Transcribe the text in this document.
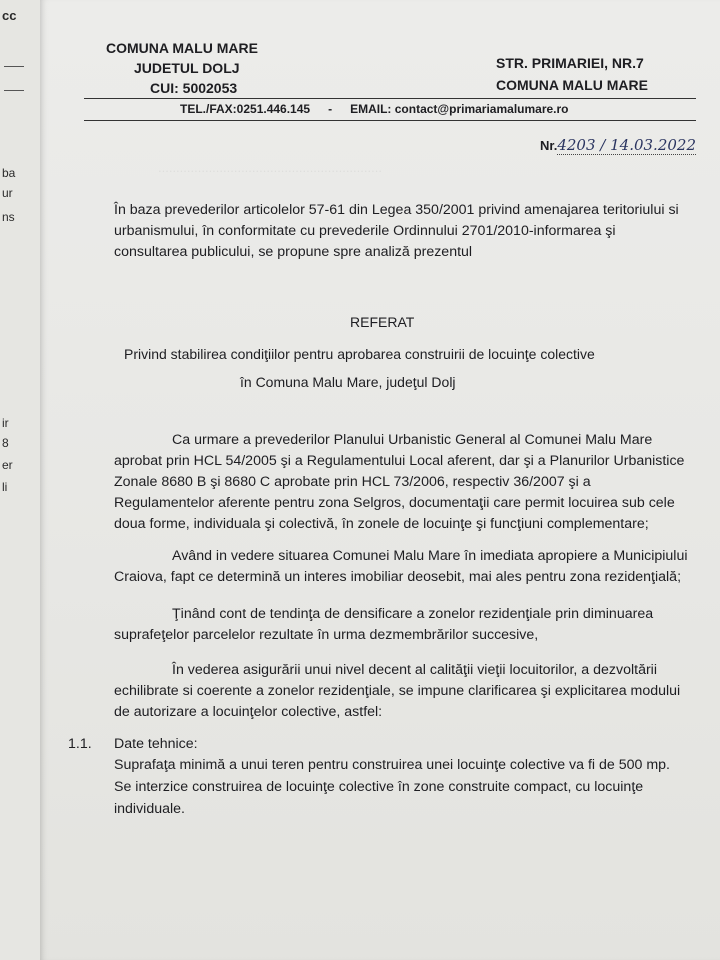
cc
ba
ur
ns
ir
8
er
li
COMUNA MALU MARE
JUDETUL DOLJ
CUI: 5002053
STR. PRIMARIEI, NR.7
COMUNA MALU MARE
TEL./FAX:0251.446.145 - EMAIL: contact@primariamalumare.ro
Nr.4203 / 14.03.2022
..............................................................
În baza prevederilor articolelor 57-61 din Legea 350/2001 privind amenajarea teritoriului si urbanismului, în conformitate cu prevederile Ordinnului 2701/2010-informarea şi consultarea publicului, se propune spre analiză prezentul
REFERAT
Privind stabilirea condiţiilor pentru aprobarea construirii de locuinţe colective
în Comuna Malu Mare, judeţul Dolj
Ca urmare a prevederilor Planului Urbanistic General al Comunei Malu Mare aprobat prin HCL 54/2005 şi a Regulamentului Local aferent, dar şi a Planurilor Urbanistice Zonale 8680 B şi 8680 C aprobate prin HCL 73/2006, respectiv 36/2007 şi a Regulamentelor aferente pentru zona Selgros, documentaţii care permit locuirea sub cele doua forme, individuala şi colectivă, în zonele de locuinţe şi funcţiuni complementare;
Având in vedere situarea Comunei Malu Mare în imediata apropiere a Municipiului Craiova, fapt ce determină un interes imobiliar deosebit, mai ales pentru zona rezidenţială;
Ţinând cont de tendinţa de densificare a zonelor rezidenţiale prin diminuarea suprafeţelor parcelelor rezultate în urma dezmembrărilor succesive,
În vederea asigurării unui nivel decent al calităţii vieţii locuitorilor, a dezvoltării echilibrate si coerente a zonelor rezidenţiale, se impune clarificarea şi explicitarea modului de autorizare a locuinţelor colective, astfel:
1.1. Date tehnice:
Suprafaţa minimă a unui teren pentru construirea unei locuinţe colective va fi de 500 mp. Se interzice construirea de locuinţe colective în zone construite compact, cu locuinţe individuale.
